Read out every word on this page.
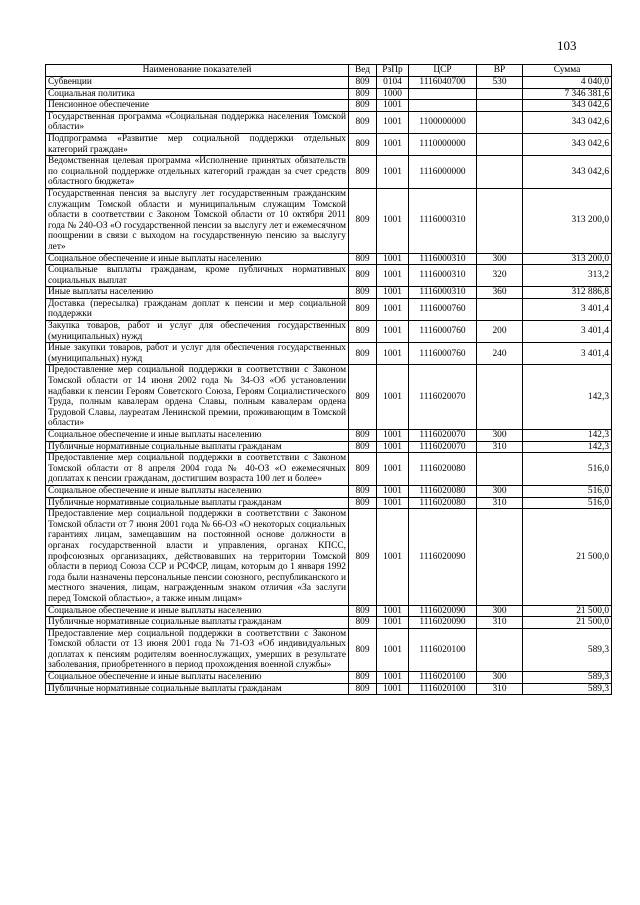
103
Наименование показателей	Вед	РзПр	ЦСР	ВР	Сумма
Субвенции	809	0104	1116040700	530	4 040,0
Социальная политика	809	1000			7 346 381,6
Пенсионное обеспечение	809	1001			343 042,6
Государственная программа «Социальная поддержка населения Томской области»	809	1001	1100000000		343 042,6
Подпрограмма «Развитие мер социальной поддержки отдельных категорий граждан»	809	1001	1110000000		343 042,6
Ведомственная целевая программа «Исполнение принятых обязательств по социальной поддержке отдельных категорий граждан за счет средств областного бюджета»	809	1001	1116000000		343 042,6
Государственная пенсия за выслугу лет государственным гражданским служащим Томской области и муниципальным служащим Томской области в соответствии с Законом Томской области от 10 октября 2011 года № 240-ОЗ «О государственной пенсии за выслугу лет и ежемесячном поощрении в связи с выходом на государственную пенсию за выслугу лет»	809	1001	1116000310		313 200,0
Социальное обеспечение и иные выплаты населению	809	1001	1116000310	300	313 200,0
Социальные выплаты гражданам, кроме публичных нормативных социальных выплат	809	1001	1116000310	320	313,2
Иные выплаты населению	809	1001	1116000310	360	312 886,8
Доставка (пересылка) гражданам доплат к пенсии и мер социальной поддержки	809	1001	1116000760		3 401,4
Закупка товаров, работ и услуг для обеспечения государственных (муниципальных) нужд	809	1001	1116000760	200	3 401,4
Иные закупки товаров, работ и услуг для обеспечения государственных (муниципальных) нужд	809	1001	1116000760	240	3 401,4
Предоставление мер социальной поддержки в соответствии с Законом Томской области от 14 июня 2002 года № 34-ОЗ «Об установлении надбавки к пенсии Героям Советского Союза, Героям Социалистического Труда, полным кавалерам ордена Славы, полным кавалерам ордена Трудовой Славы, лауреатам Ленинской премии, проживающим в Томской области»	809	1001	1116020070		142,3
Социальное обеспечение и иные выплаты населению	809	1001	1116020070	300	142,3
Публичные нормативные социальные выплаты гражданам	809	1001	1116020070	310	142,3
Предоставление мер социальной поддержки в соответствии с Законом Томской области от 8 апреля 2004 года № 40-ОЗ «О ежемесячных доплатах к пенсии гражданам, достигшим возраста 100 лет и более»	809	1001	1116020080		516,0
Социальное обеспечение и иные выплаты населению	809	1001	1116020080	300	516,0
Публичные нормативные социальные выплаты гражданам	809	1001	1116020080	310	516,0
Предоставление мер социальной поддержки в соответствии с Законом Томской области от 7 июня 2001 года № 66-ОЗ «О некоторых социальных гарантиях лицам, замещавшим на постоянной основе должности в органах государственной власти и управления, органах КПСС, профсоюзных организациях, действовавших на территории Томской области в период Союза ССР и РСФСР, лицам, которым до 1 января 1992 года были назначены персональные пенсии союзного, республиканского и местного значения, лицам, награжденным знаком отличия «За заслуги перед Томской областью», а также иным лицам»	809	1001	1116020090		21 500,0
Социальное обеспечение и иные выплаты населению	809	1001	1116020090	300	21 500,0
Публичные нормативные социальные выплаты гражданам	809	1001	1116020090	310	21 500,0
Предоставление мер социальной поддержки в соответствии с Законом Томской области от 13 июня 2001 года № 71-ОЗ «Об индивидуальных доплатах к пенсиям родителям военнослужащих, умерших в результате заболевания, приобретенного в период прохождения военной службы»	809	1001	1116020100		589,3
Социальное обеспечение и иные выплаты населению	809	1001	1116020100	300	589,3
Публичные нормативные социальные выплаты гражданам	809	1001	1116020100	310	589,3
